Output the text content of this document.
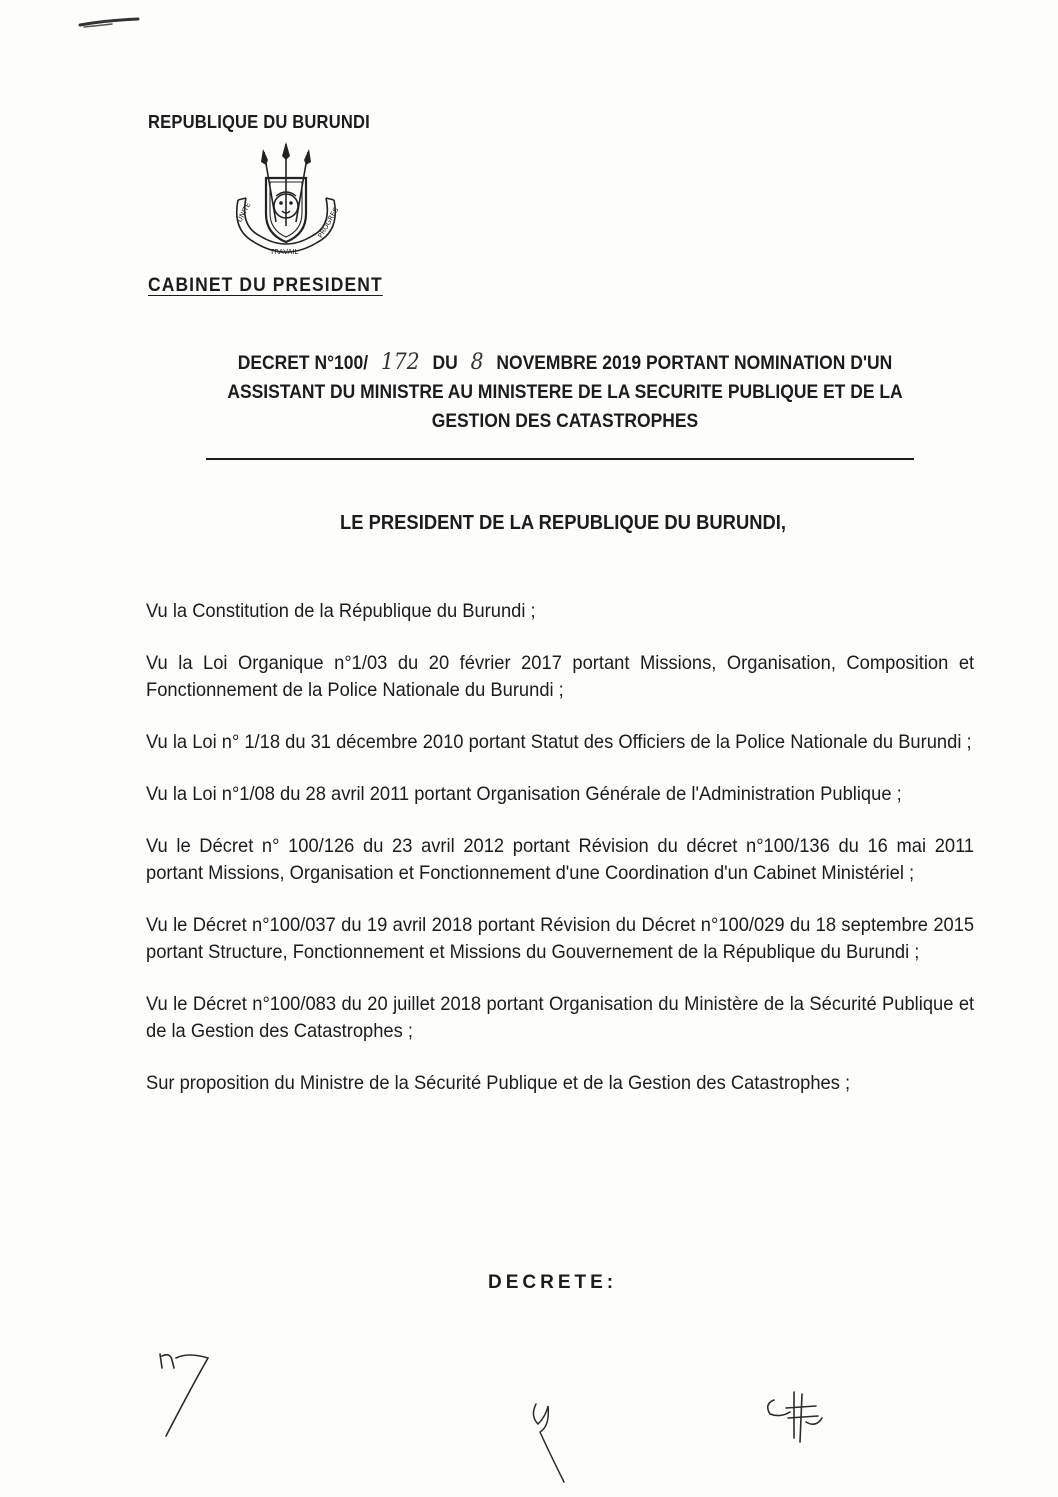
REPUBLIQUE DU BURUNDI
UNITE
TRAVAIL
PROGRES
CABINET DU PRESIDENT
DECRET N°100/ 172 DU 8 NOVEMBRE 2019 PORTANT NOMINATION D'UN
ASSISTANT DU MINISTRE AU MINISTERE DE LA SECURITE PUBLIQUE ET DE LA
GESTION DES CATASTROPHES
LE PRESIDENT DE LA REPUBLIQUE DU BURUNDI,

Vu la Constitution de la République du Burundi ;

Vu la Loi Organique n°1/03 du 20 février 2017 portant Missions, Organisation, Composition et Fonctionnement de la Police Nationale du Burundi ;

Vu la Loi n° 1/18 du 31 décembre 2010 portant Statut des Officiers de la Police Nationale du Burundi ;

Vu la Loi n°1/08 du 28 avril 2011 portant Organisation Générale de l'Administration Publique ;

Vu le Décret n° 100/126 du 23 avril 2012 portant Révision du décret n°100/136 du 16 mai 2011 portant Missions, Organisation et Fonctionnement d'une Coordination d'un Cabinet Ministériel ;

Vu le Décret n°100/037 du 19 avril 2018 portant Révision du Décret n°100/029 du 18 septembre 2015 portant Structure, Fonctionnement et Missions du Gouvernement de la République du Burundi ;

Vu le Décret n°100/083 du 20 juillet 2018 portant Organisation du Ministère de la Sécurité Publique et de la Gestion des Catastrophes ;

Sur proposition du Ministre de la Sécurité Publique et de la Gestion des Catastrophes ;

DECRETE:
